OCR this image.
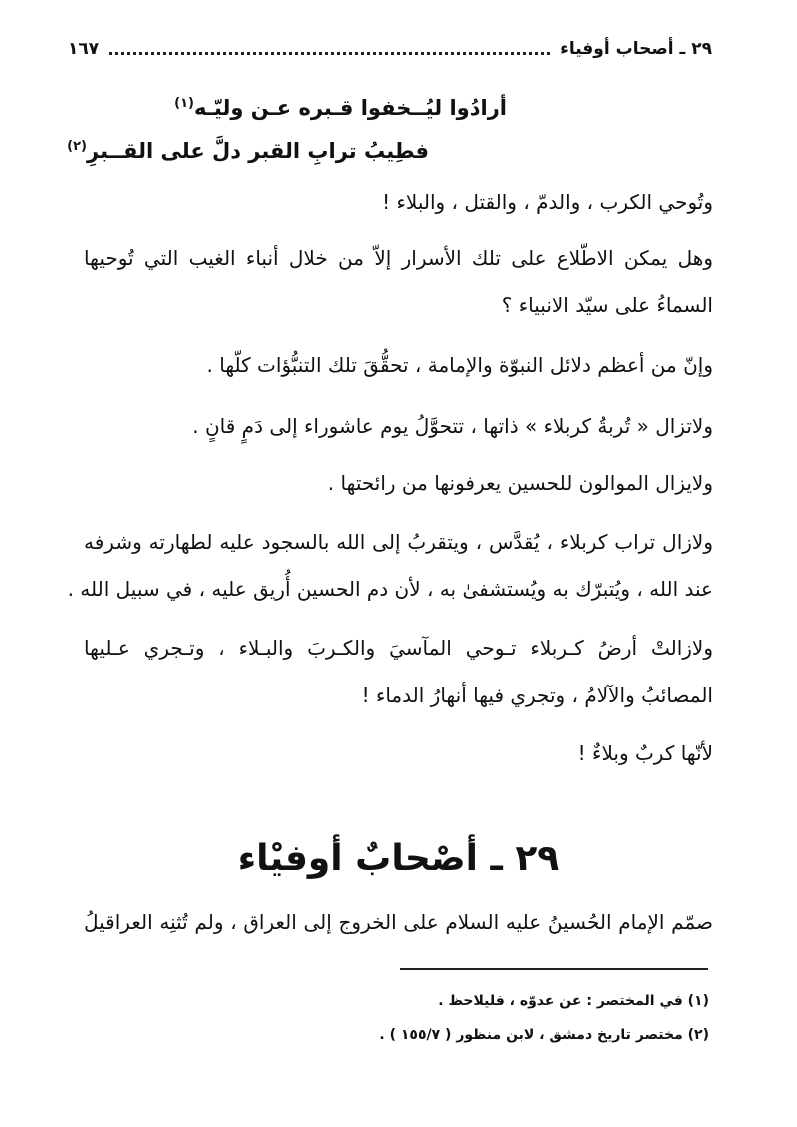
٢٩ ـ أصحاب أوفياء
١٦٧
أرادُوا ليُــخفوا قـبره عـن وليّـه$^{(١)}$
فطِيبُ ترابِ القبر دلَّ على القــبرِ$^{(٢)}$
وتُوحي الكرب ، والدمّ ، والقتل ، والبلاء !
وهل يمكن الاطّلاع على تلك الأسرار إلاّ من خلال أنباء الغيب التي تُوحيها
السماءُ على سيّد الانبياء ؟
وإنّ من أعظم دلائل النبوّة والإمامة ، تحقُّقَ تلك التنبُّؤات كلّها .
ولاتزال « تُربةُ كربلاء » ذاتها ، تتحوَّلُ يوم عاشوراء إلى دَمٍ قانٍ .
ولايزال الموالون للحسين يعرفونها من رائحتها .
ولازال تراب كربلاء ، يُقدَّس ، ويتقربُ إلى الله بالسجود عليه لطهارته وشرفه
عند الله ، ويُتبرّك به ويُستشفىٰ به ، لأن دم الحسين أُريق عليه ، في سبيل الله .
ولازالتْ أرضُ كـربلاء تـوحي المآسيَ والكـربَ والبـلاء ، وتـجري عـليها
المصائبُ والآلامُ ، وتجري فيها أنهارُ الدماء !
لأنّها كربٌ وبلاءٌ !
٢٩ ـ أصْحابٌ أوفيْاء
صمّم الإمام الحُسينُ عليه السلام على الخروج إلى العراق ، ولم تُثنِه العراقيلُ
(١) في المختصر : عن عدوّه ، فليلاحظ .
(٢) مختصر تاريخ دمشق ، لابن منظور ( ١٥٥/٧ ) .
